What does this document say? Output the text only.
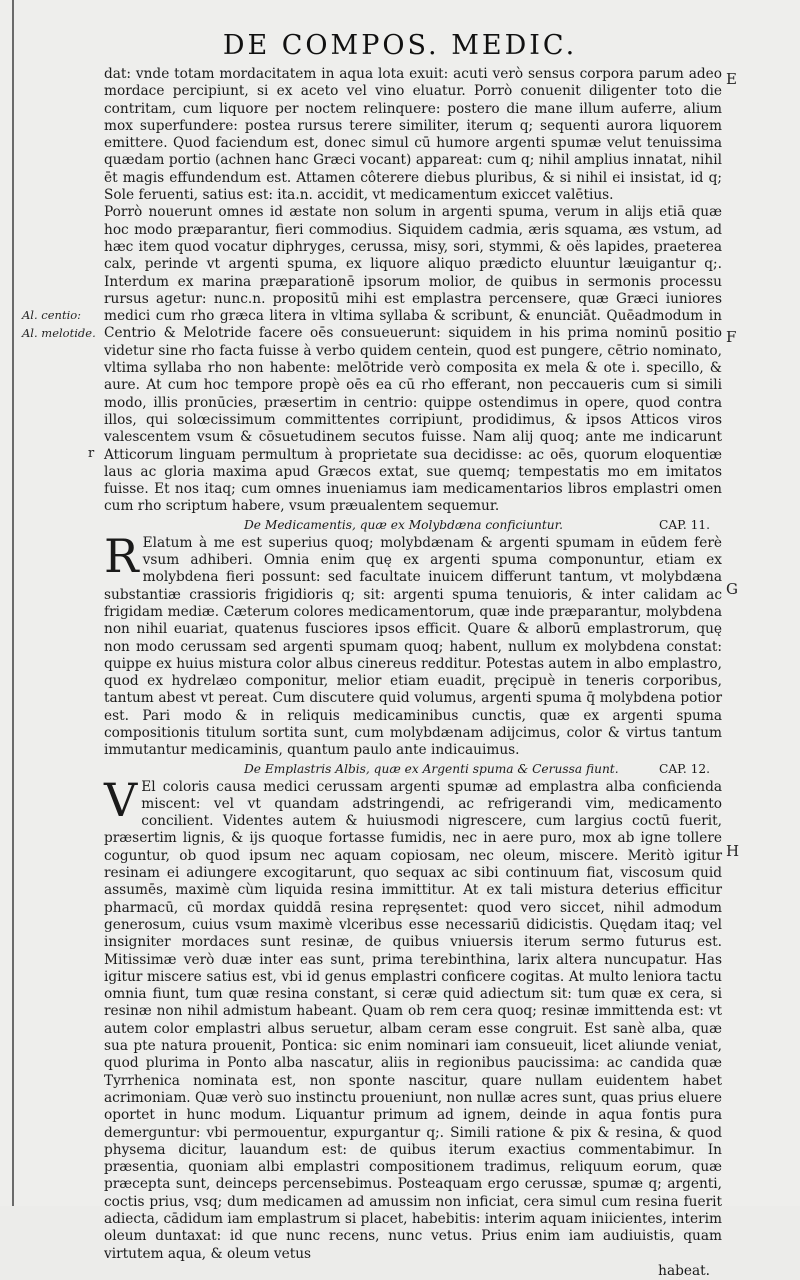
DE COMPOS. MEDIC.
Al. centio:
Al. melotide.
E
F
G
H
r

dat: vnde totam mordacitatem in aqua lota exuit: acuti verò sensus corpora parum adeo mordace percipiunt, si ex aceto vel vino eluatur. Porrò conuenit diligenter toto die contritam, cum liquore per noctem relinquere: postero die mane illum auferre, alium mox superfundere: postea rursus terere similiter, iterum q; sequenti aurora liquorem emittere. Quod faciendum est, donec simul cū humore argenti spumæ velut tenuissima quædam portio (achnen hanc Græci vocant) appareat: cum q; nihil amplius innatat, nihil ēt magis effundendum est. Attamen côterere diebus pluribus, & si nihil ei insistat, id q; Sole feruenti, satius est: ita.n. accidit, vt medicamentum exiccet valētius.

Porrò nouerunt omnes id æstate non solum in argenti spuma, verum in alijs etiā quæ hoc modo præparantur, fieri commodius. Siquidem cadmia, æris squama, æs vstum, ad hæc item quod vocatur diphryges, cerussa, misy, sori, stymmi, & oës lapides, praeterea calx, perinde vt argenti spuma, ex liquore aliquo prædicto eluuntur læuigantur q;. Interdum ex marina præparationē ipsorum molior, de quibus in sermonis processu rursus agetur: nunc.n. propositū mihi est emplastra percensere, quæ Græci iuniores medici cum rho græca litera in vltima syllaba & scribunt, & enunciāt. Quēadmodum in Centrio & Melotride facere oēs consueuerunt: siquidem in his prima nominū positio videtur sine rho facta fuisse à verbo quidem centein, quod est pungere, cētrio nominato, vltima syllaba rho non habente: melōtride verò composita ex mela & ote i. specillo, & aure. At cum hoc tempore propè oēs ea cū rho efferant, non peccaueris cum si simili modo, illis pronūcies, præsertim in centrio: quippe ostendimus in opere, quod contra illos, qui solœcissimum committentes corripiunt, prodidimus, & ipsos Atticos viros valescentem vsum & cōsuetudinem secutos fuisse. Nam alij quoq; ante me indicarunt Atticorum linguam permultum à proprietate sua decidisse: ac oēs, quorum eloquentiæ laus ac gloria maxima apud Græcos extat, sue quemq; tempestatis mo em imitatos fuisse. Et nos itaq; cum omnes inueniamus iam medicamentarios libros emplastri omen cum rho scriptum habere, vsum præualentem sequemur.

De Medicamentis, quæ ex Molybdæna conficiuntur.	CAP. 11.

R Elatum à me est superius quoq; molybdænam & argenti spumam in eūdem ferè vsum adhiberi. Omnia enim quę ex argenti spuma componuntur, etiam ex molybdena fieri possunt: sed facultate inuicem differunt tantum, vt molybdæna substantiæ crassioris frigidioris q; sit: argenti spuma tenuioris, & inter calidam ac frigidam mediæ. Cæterum colores medicamentorum, quæ inde præparantur, molybdena non nihil euariat, quatenus fusciores ipsos efficit. Quare & alborū emplastrorum, quę non modo cerussam sed argenti spumam quoq; habent, nullum ex molybdena constat: quippe ex huius mistura color albus cinereus redditur. Potestas autem in albo emplastro, quod ex hydrelæo componitur, melior etiam euadit, pręcipuè in teneris corporibus, tantum abest vt pereat. Cum discutere quid volumus, argenti spuma q̄ molybdena potior est. Pari modo & in reliquis medicaminibus cunctis, quæ ex argenti spuma compositionis titulum sortita sunt, cum molybdænam adijcimus, color & virtus tantum immutantur medicaminis, quantum paulo ante indicauimus.

De Emplastris Albis, quæ ex Argenti spuma & Cerussa fiunt.	CAP. 12.

V El coloris causa medici cerussam argenti spumæ ad emplastra alba conficienda miscent: vel vt quandam adstringendi, ac refrigerandi vim, medicamento concilient. Videntes autem & huiusmodi nigrescere, cum largius coctū fuerit, præsertim lignis, & ijs quoque fortasse fumidis, nec in aere puro, mox ab igne tollere coguntur, ob quod ipsum nec aquam copiosam, nec oleum, miscere. Meritò igitur resinam ei adiungere excogitarunt, quo sequax ac sibi continuum fiat, viscosum quid assumēs, maximè cùm liquida resina immittitur. At ex tali mistura deterius efficitur pharmacū, cū mordax quiddā resina repręsentet: quod vero siccet, nihil admodum generosum, cuius vsum maximè vlceribus esse necessariū didicistis. Quędam itaq; vel insigniter mordaces sunt resinæ, de quibus vniuersis iterum sermo futurus est. Mitissimæ verò duæ inter eas sunt, prima terebinthina, larix altera nuncupatur. Has igitur miscere satius est, vbi id genus emplastri conficere cogitas. At multo leniora tactu omnia fiunt, tum quæ resina constant, si ceræ quid adiectum sit: tum quæ ex cera, si resinæ non nihil admistum habeant. Quam ob rem cera quoq; resinæ immittenda est: vt autem color emplastri albus seruetur, albam ceram esse congruit. Est sanè alba, quæ sua pte natura prouenit, Pontica: sic enim nominari iam consueuit, licet aliunde veniat, quod plurima in Ponto alba nascatur, aliis in regionibus paucissima: ac candida quæ Tyrrhenica nominata est, non sponte nascitur, quare nullam euidentem habet acrimoniam. Quæ verò suo instinctu proueniunt, non nullæ acres sunt, quas prius eluere oportet in hunc modum. Liquantur primum ad ignem, deinde in aqua fontis pura demerguntur: vbi permouentur, expurgantur q;. Simili ratione & pix & resina, & quod physema dicitur, lauandum est: de quibus iterum exactius commentabimur. In præsentia, quoniam albi emplastri compositionem tradimus, reliquum eorum, quæ præcepta sunt, deinceps percensebimus. Posteaquam ergo cerussæ, spumæ q; argenti, coctis prius, vsq; dum medicamen ad amussim non inficiat, cera simul cum resina fuerit adiecta, cādidum iam emplastrum si placet, habebitis: interim aquam iniicientes, interim oleum duntaxat: id que nunc recens, nunc vetus. Prius enim iam audiuistis, quam virtutem aqua, & oleum vetus

habeat.
